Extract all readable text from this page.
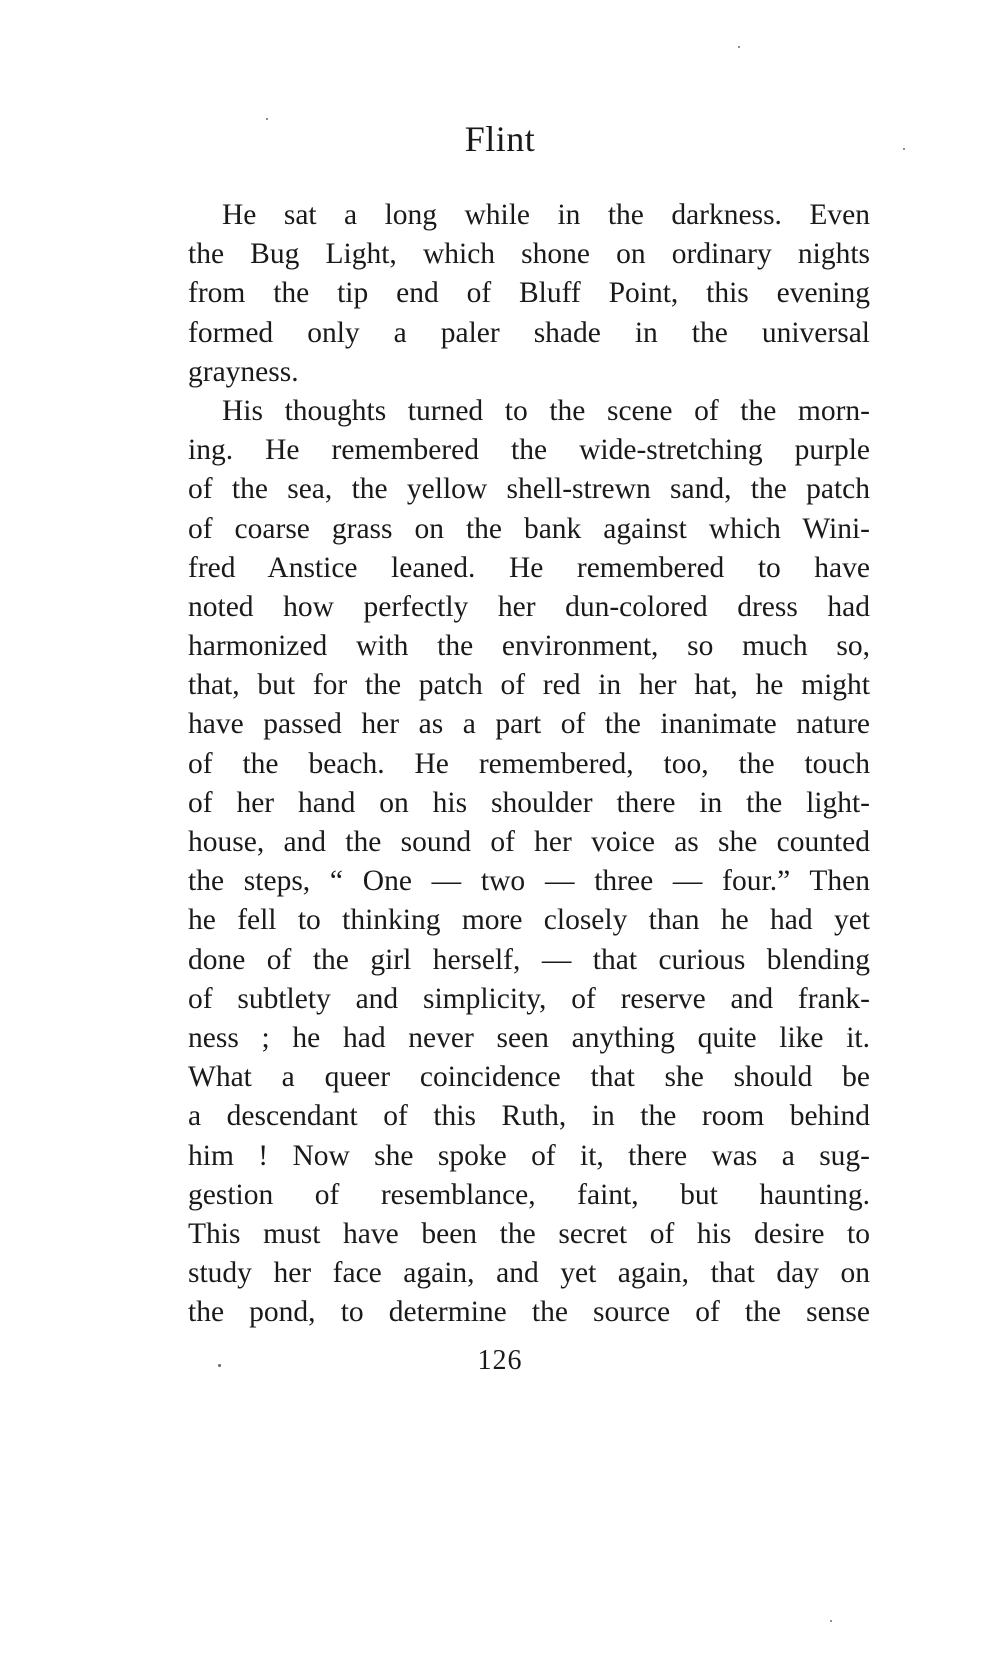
Flint
He sat a long while in the darkness. Even
the Bug Light, which shone on ordinary nights
from the tip end of Bluff Point, this evening
formed only a paler shade in the universal
grayness.
His thoughts turned to the scene of the morn-
ing. He remembered the wide-stretching purple
of the sea, the yellow shell-strewn sand, the patch
of coarse grass on the bank against which Wini-
fred Anstice leaned. He remembered to have
noted how perfectly her dun-colored dress had
harmonized with the environment, so much so,
that, but for the patch of red in her hat, he might
have passed her as a part of the inanimate nature
of the beach. He remembered, too, the touch
of her hand on his shoulder there in the light-
house, and the sound of her voice as she counted
the steps, “ One — two — three — four.” Then
he fell to thinking more closely than he had yet
done of the girl herself, — that curious blending
of subtlety and simplicity, of reserve and frank-
ness ; he had never seen anything quite like it.
What a queer coincidence that she should be
a descendant of this Ruth, in the room behind
him ! Now she spoke of it, there was a sug-
gestion of resemblance, faint, but haunting.
This must have been the secret of his desire to
study her face again, and yet again, that day on
the pond, to determine the source of the sense
126
